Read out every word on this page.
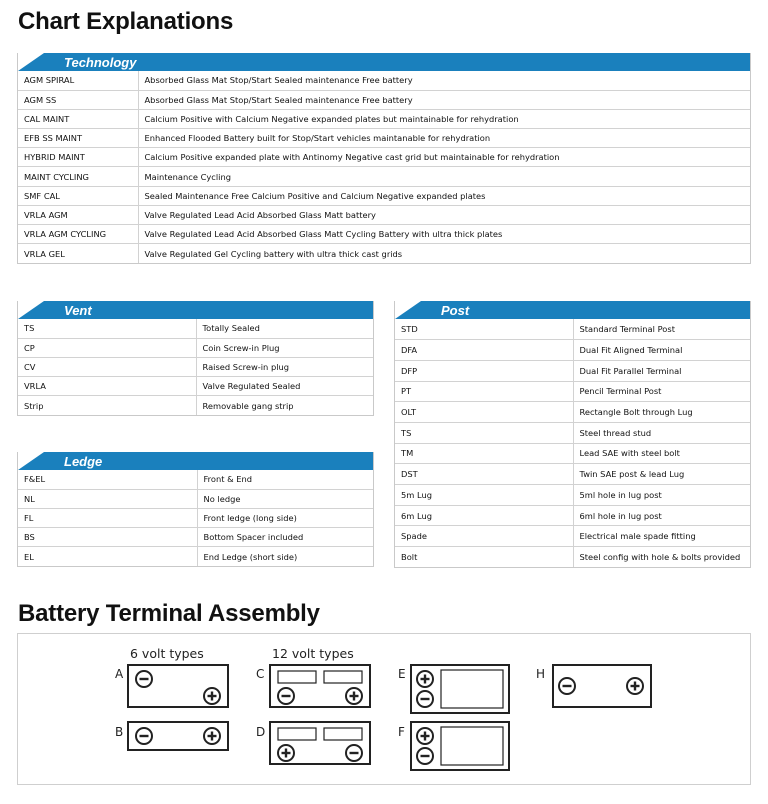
Chart Explanations
Technology
AGM SPIRAL	Absorbed Glass Mat Stop/Start Sealed maintenance Free battery
AGM SS	Absorbed Glass Mat Stop/Start Sealed maintenance Free battery
CAL MAINT	Calcium Positive with Calcium Negative expanded plates but maintainable for rehydration
EFB SS MAINT	Enhanced Flooded Battery built for Stop/Start vehicles maintanable for rehydration
HYBRID MAINT	Calcium Positive expanded plate with Antinomy Negative cast grid but maintainable for rehydration
MAINT CYCLING	Maintenance Cycling
SMF CAL	Sealed Maintenance Free Calcium Positive and Calcium Negative expanded plates
VRLA AGM	Valve Regulated Lead Acid Absorbed Glass Matt battery
VRLA AGM CYCLING	Valve Regulated Lead Acid Absorbed Glass Matt Cycling Battery with ultra thick plates
VRLA GEL	Valve Regulated Gel Cycling battery with ultra thick cast grids
Vent
TS	Totally Sealed
CP	Coin Screw-in Plug
CV	Raised Screw-in plug
VRLA	Valve Regulated Sealed
Strip	Removable gang strip
Ledge
F&EL	Front & End
NL	No ledge
FL	Front ledge (long side)
BS	Bottom Spacer included
EL	End Ledge (short side)
Post
STD	Standard Terminal Post
DFA	Dual Fit Aligned Terminal
DFP	Dual Fit Parallel Terminal
PT	Pencil Terminal Post
OLT	Rectangle Bolt through Lug
TS	Steel thread stud
TM	Lead SAE with steel bolt
DST	Twin SAE post & lead Lug
5m Lug	5ml hole in lug post
6m Lug	6ml hole in lug post
Spade	Electrical male spade fitting
Bolt	Steel config with hole & bolts provided
Battery Terminal Assembly
6 volt types	12 volt types
A
B
C
D
E
F
H
